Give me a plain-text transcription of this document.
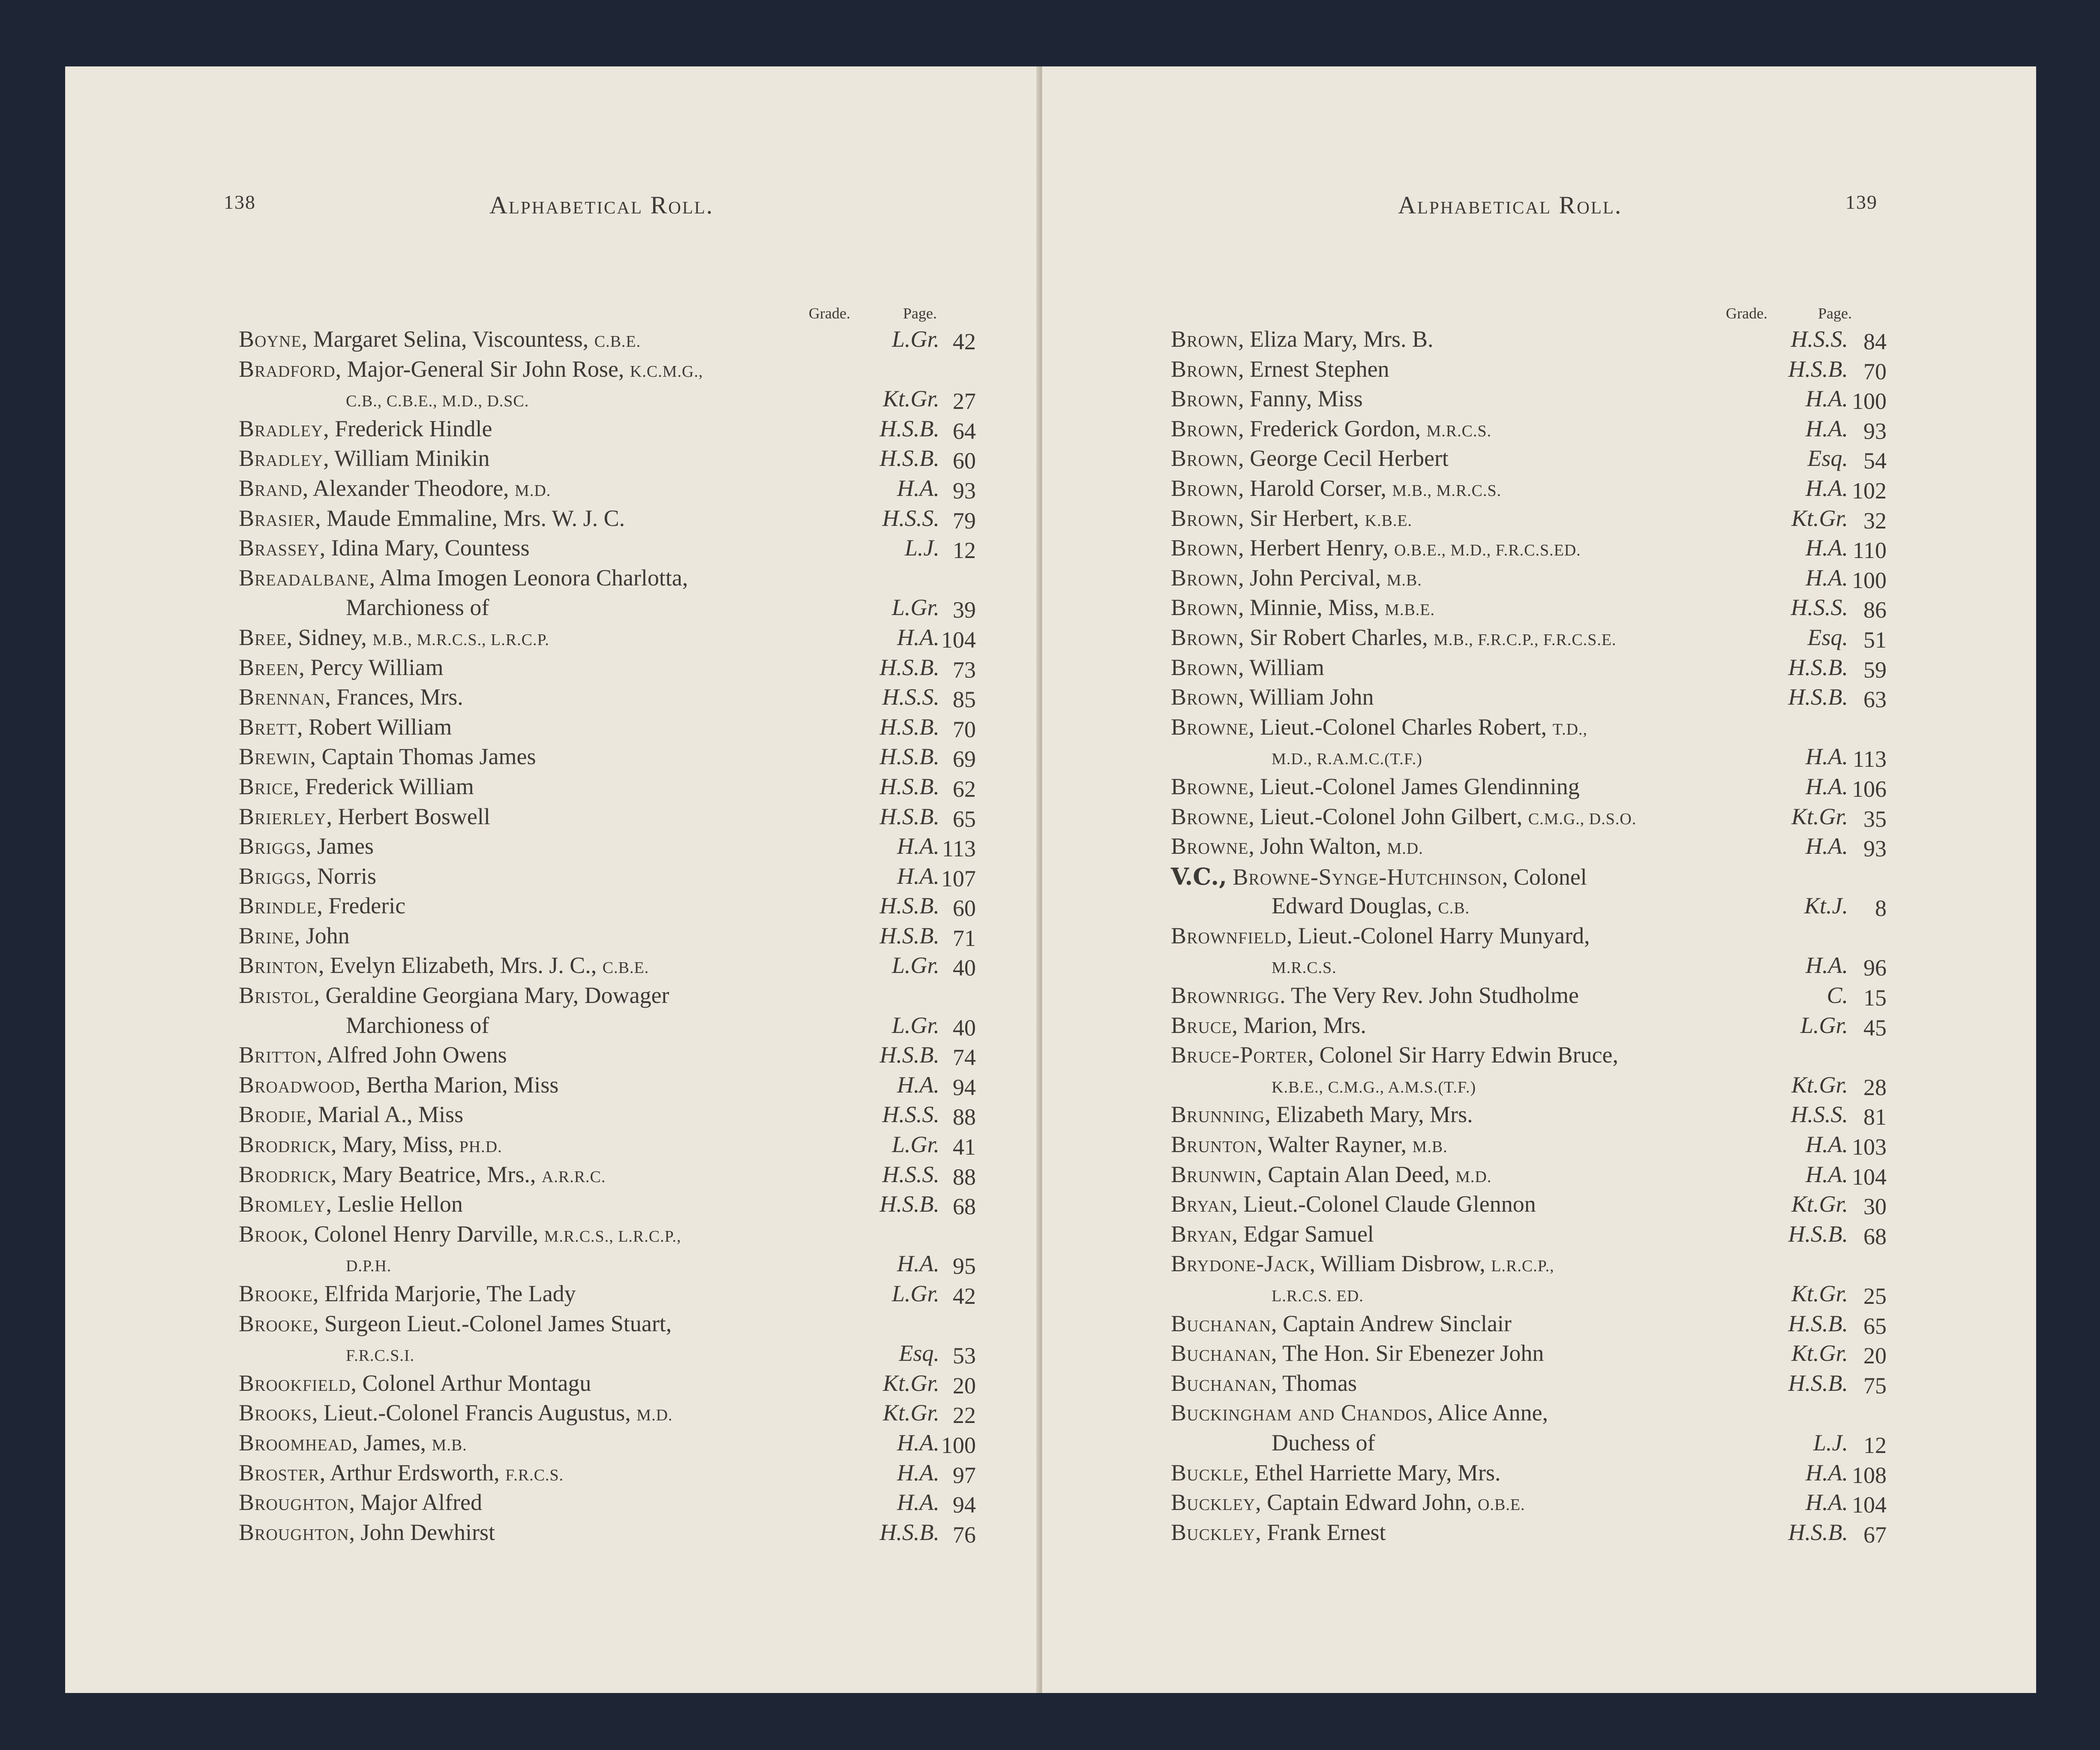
138	Alphabetical Roll.
Grade.	Page.
Boyne, Margaret Selina, Viscountess, C.B.E.	L.Gr. 42
Bradford, Major-General Sir John Rose, K.C.M.G.,
C.B., C.B.E., M.D., D.SC.	Kt.Gr. 27
Bradley, Frederick Hindle	H.S.B. 64
Bradley, William Minikin	H.S.B. 60
Brand, Alexander Theodore, M.D.	H.A. 93
Brasier, Maude Emmaline, Mrs. W. J. C.	H.S.S. 79
Brassey, Idina Mary, Countess	L.J. 12
Breadalbane, Alma Imogen Leonora Charlotta,
Marchioness of	L.Gr. 39
Bree, Sidney, M.B., M.R.C.S., L.R.C.P.	H.A. 104
Breen, Percy William	H.S.B. 73
Brennan, Frances, Mrs.	H.S.S. 85
Brett, Robert William	H.S.B. 70
Brewin, Captain Thomas James	H.S.B. 69
Brice, Frederick William	H.S.B. 62
Brierley, Herbert Boswell	H.S.B. 65
Briggs, James	H.A. 113
Briggs, Norris	H.A. 107
Brindle, Frederic	H.S.B. 60
Brine, John	H.S.B. 71
Brinton, Evelyn Elizabeth, Mrs. J. C., C.B.E.	L.Gr. 40
Bristol, Geraldine Georgiana Mary, Dowager
Marchioness of	L.Gr. 40
Britton, Alfred John Owens	H.S.B. 74
Broadwood, Bertha Marion, Miss	H.A. 94
Brodie, Marial A., Miss	H.S.S. 88
Brodrick, Mary, Miss, PH.D.	L.Gr. 41
Brodrick, Mary Beatrice, Mrs., A.R.R.C.	H.S.S. 88
Bromley, Leslie Hellon	H.S.B. 68
Brook, Colonel Henry Darville, M.R.C.S., L.R.C.P.,
D.P.H.	H.A. 95
Brooke, Elfrida Marjorie, The Lady	L.Gr. 42
Brooke, Surgeon Lieut.-Colonel James Stuart,
F.R.C.S.I.	Esq. 53
Brookfield, Colonel Arthur Montagu	Kt.Gr. 20
Brooks, Lieut.-Colonel Francis Augustus, M.D.	Kt.Gr. 22
Broomhead, James, M.B.	H.A. 100
Broster, Arthur Erdsworth, F.R.C.S.	H.A. 97
Broughton, Major Alfred	H.A. 94
Broughton, John Dewhirst	H.S.B. 76
Alphabetical Roll.	139
Grade.	Page.
Brown, Eliza Mary, Mrs. B.	H.S.S. 84
Brown, Ernest Stephen	H.S.B. 70
Brown, Fanny, Miss	H.A. 100
Brown, Frederick Gordon, M.R.C.S.	H.A. 93
Brown, George Cecil Herbert	Esq. 54
Brown, Harold Corser, M.B., M.R.C.S.	H.A. 102
Brown, Sir Herbert, K.B.E.	Kt.Gr. 32
Brown, Herbert Henry, O.B.E., M.D., F.R.C.S.ED.	H.A. 110
Brown, John Percival, M.B.	H.A. 100
Brown, Minnie, Miss, M.B.E.	H.S.S. 86
Brown, Sir Robert Charles, M.B., F.R.C.P., F.R.C.S.E.	Esq. 51
Brown, William	H.S.B. 59
Brown, William John	H.S.B. 63
Browne, Lieut.-Colonel Charles Robert, T.D.,
M.D., R.A.M.C.(T.F.)	H.A. 113
Browne, Lieut.-Colonel James Glendinning	H.A. 106
Browne, Lieut.-Colonel John Gilbert, C.M.G., D.S.O.	Kt.Gr. 35
Browne, John Walton, M.D.	H.A. 93
V.C., Browne-Synge-Hutchinson, Colonel
Edward Douglas, C.B.	Kt.J.	8
Brownfield, Lieut.-Colonel Harry Munyard,
M.R.C.S.	H.A. 96
Brownrigg. The Very Rev. John Studholme	C. 15
Bruce, Marion, Mrs.	L.Gr. 45
Bruce-Porter, Colonel Sir Harry Edwin Bruce,
K.B.E., C.M.G., A.M.S.(T.F.)	Kt.Gr. 28
Brunning, Elizabeth Mary, Mrs.	H.S.S. 81
Brunton, Walter Rayner, M.B.	H.A. 103
Brunwin, Captain Alan Deed, M.D.	H.A. 104
Bryan, Lieut.-Colonel Claude Glennon	Kt.Gr. 30
Bryan, Edgar Samuel	H.S.B. 68
Brydone-Jack, William Disbrow, L.R.C.P.,
L.R.C.S. ED.	Kt.Gr. 25
Buchanan, Captain Andrew Sinclair	H.S.B. 65
Buchanan, The Hon. Sir Ebenezer John	Kt.Gr. 20
Buchanan, Thomas	H.S.B. 75
Buckingham and Chandos, Alice Anne,
Duchess of	L.J. 12
Buckle, Ethel Harriette Mary, Mrs.	H.A. 108
Buckley, Captain Edward John, O.B.E.	H.A. 104
Buckley, Frank Ernest	H.S.B. 67
